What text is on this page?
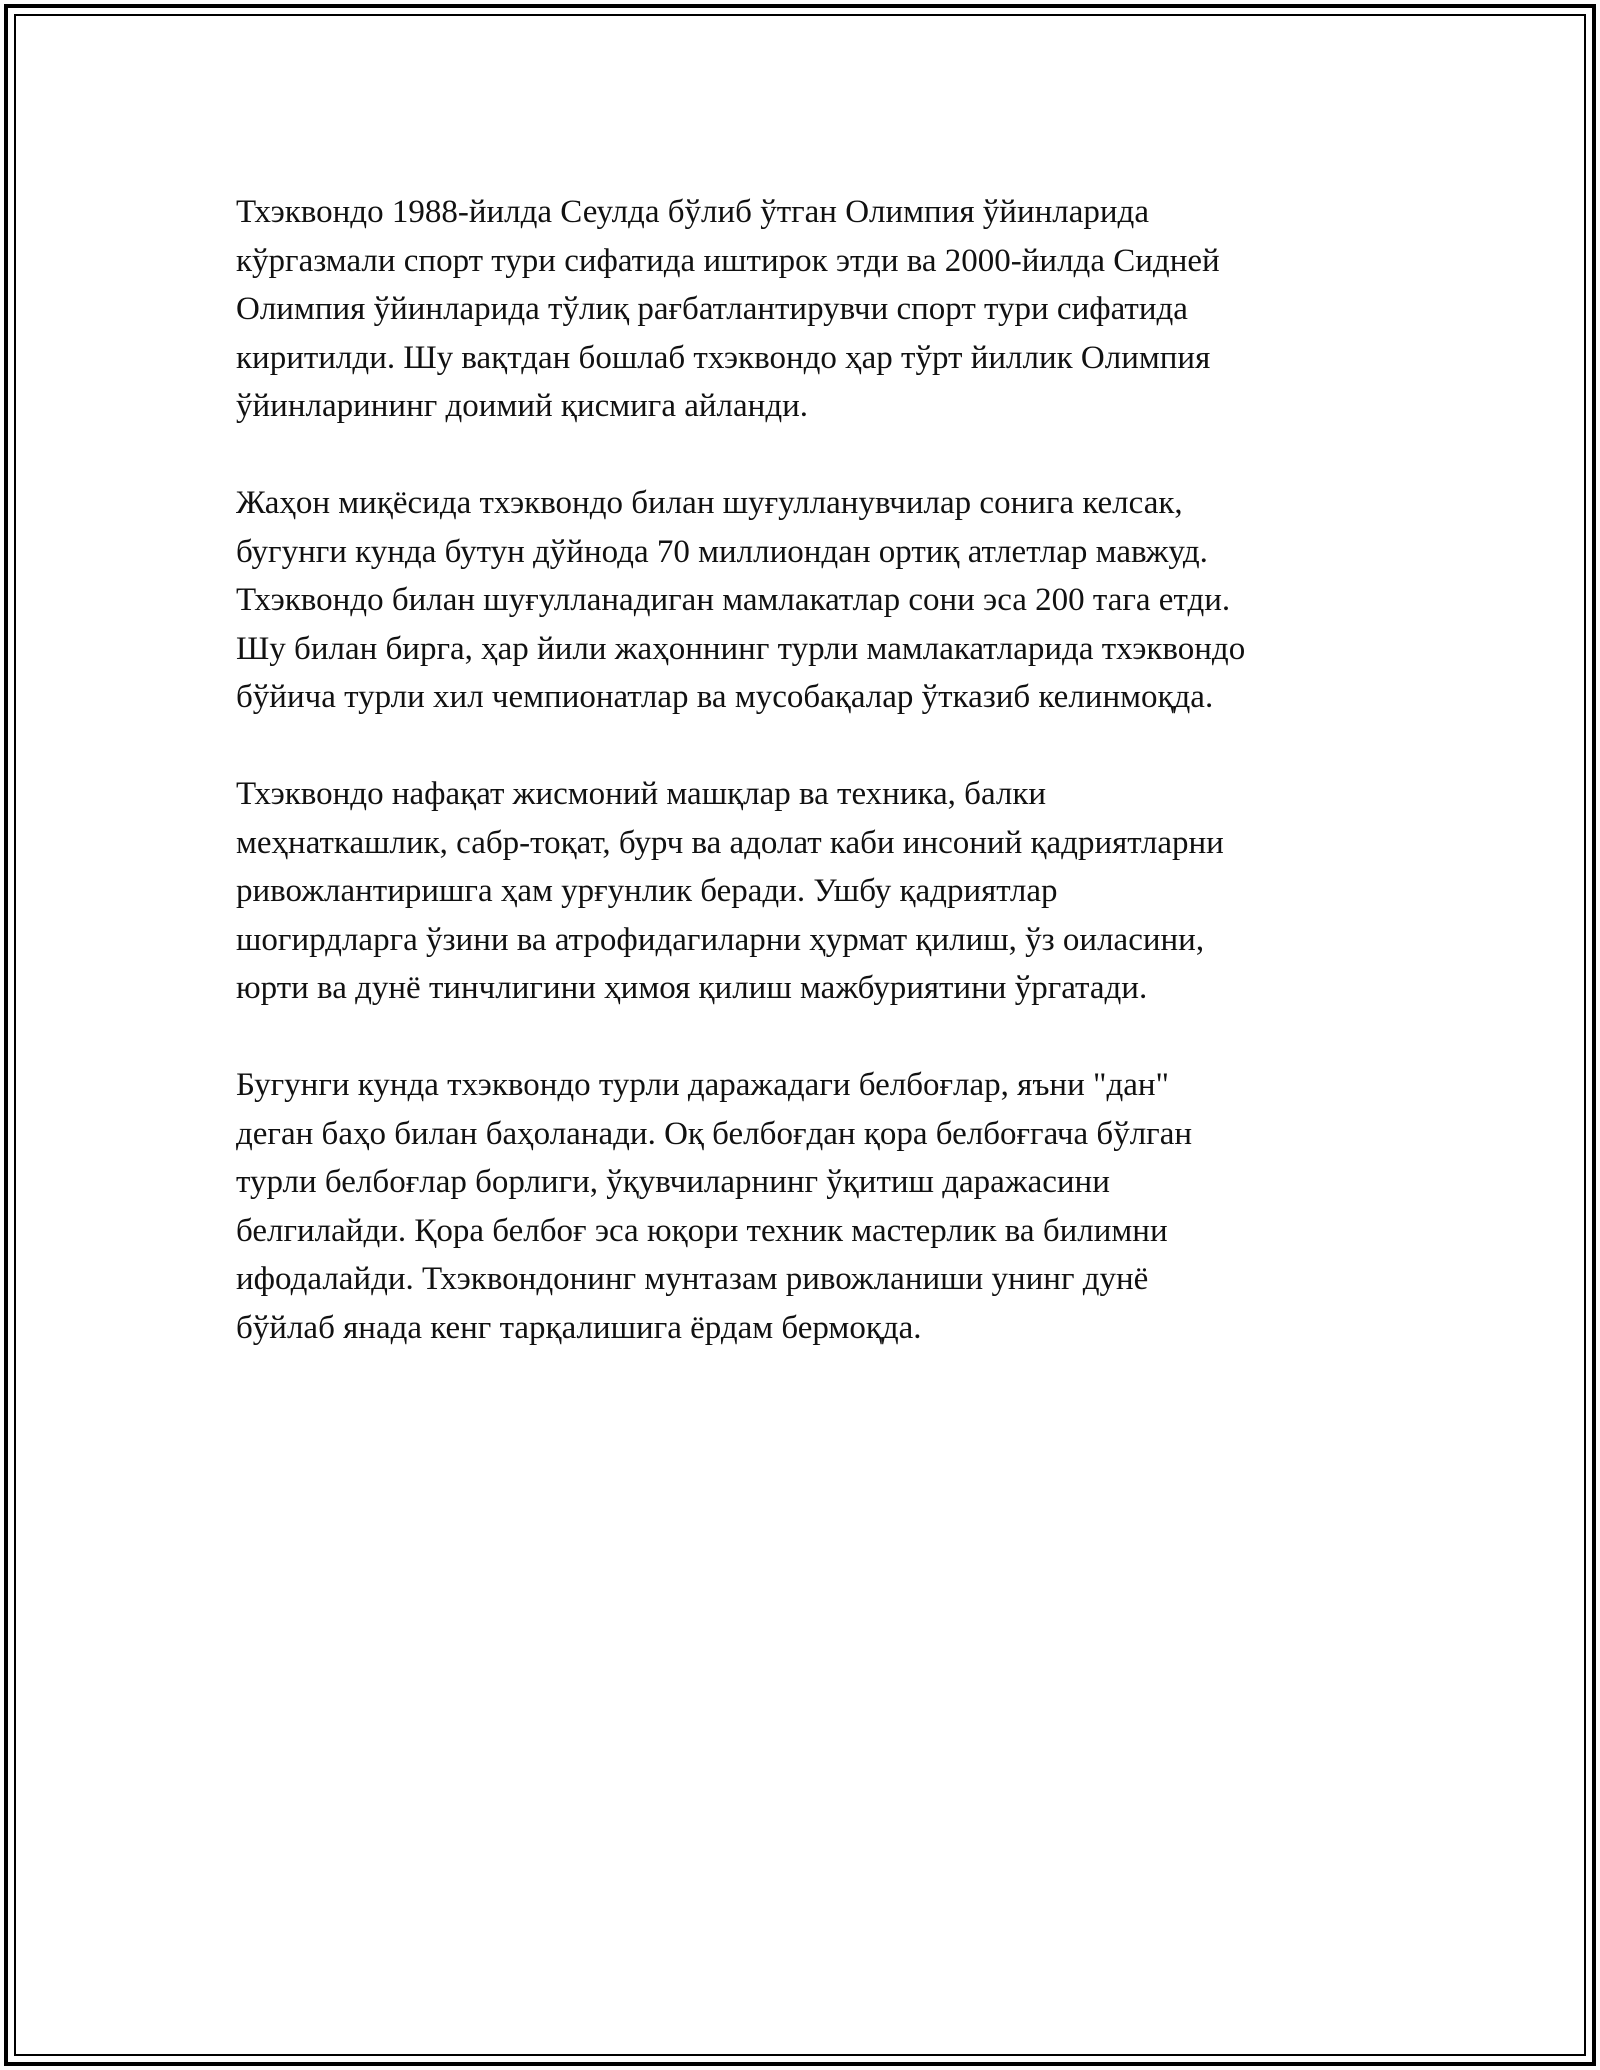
Тхэквондо 1988-йилда Сеулда бўлиб ўтган Олимпия ўйинларида
кўргазмали спорт тури сифатида иштирок этди ва 2000-йилда Сидней
Олимпия ўйинларида тўлиқ рағбатлантирувчи спорт тури сифатида
киритилди. Шу вақтдан бошлаб тхэквондо ҳар тўрт йиллик Олимпия
ўйинларининг доимий қисмига айланди.

Жаҳон миқёсида тхэквондо билан шуғулланувчилар сонига келсак,
бугунги кунда бутун дўйнода 70 миллиондан ортиқ атлетлар мавжуд.
Тхэквондо билан шуғулланадиган мамлакатлар сони эса 200 тага етди.
Шу билан бирга, ҳар йили жаҳоннинг турли мамлакатларида тхэквондо
бўйича турли хил чемпионатлар ва мусобақалар ўтказиб келинмоқда.

Тхэквондо нафақат жисмоний машқлар ва техника, балки
меҳнаткашлик, сабр-тоқат, бурч ва адолат каби инсоний қадриятларни
ривожлантиришга ҳам урғунлик беради. Ушбу қадриятлар
шогирдларга ўзини ва атрофидагиларни ҳурмат қилиш, ўз оиласини,
юрти ва дунё тинчлигини ҳимоя қилиш мажбуриятини ўргатади.

Бугунги кунда тхэквондо турли даражадаги белбоғлар, яъни "дан"
деган баҳо билан баҳоланади. Оқ белбоғдан қора белбоғгача бўлган
турли белбоғлар борлиги, ўқувчиларнинг ўқитиш даражасини
белгилайди. Қора белбоғ эса юқори техник мастерлик ва билимни
ифодалайди. Тхэквондонинг мунтазам ривожланиши унинг дунё
бўйлаб янада кенг тарқалишига ёрдам бермоқда.
